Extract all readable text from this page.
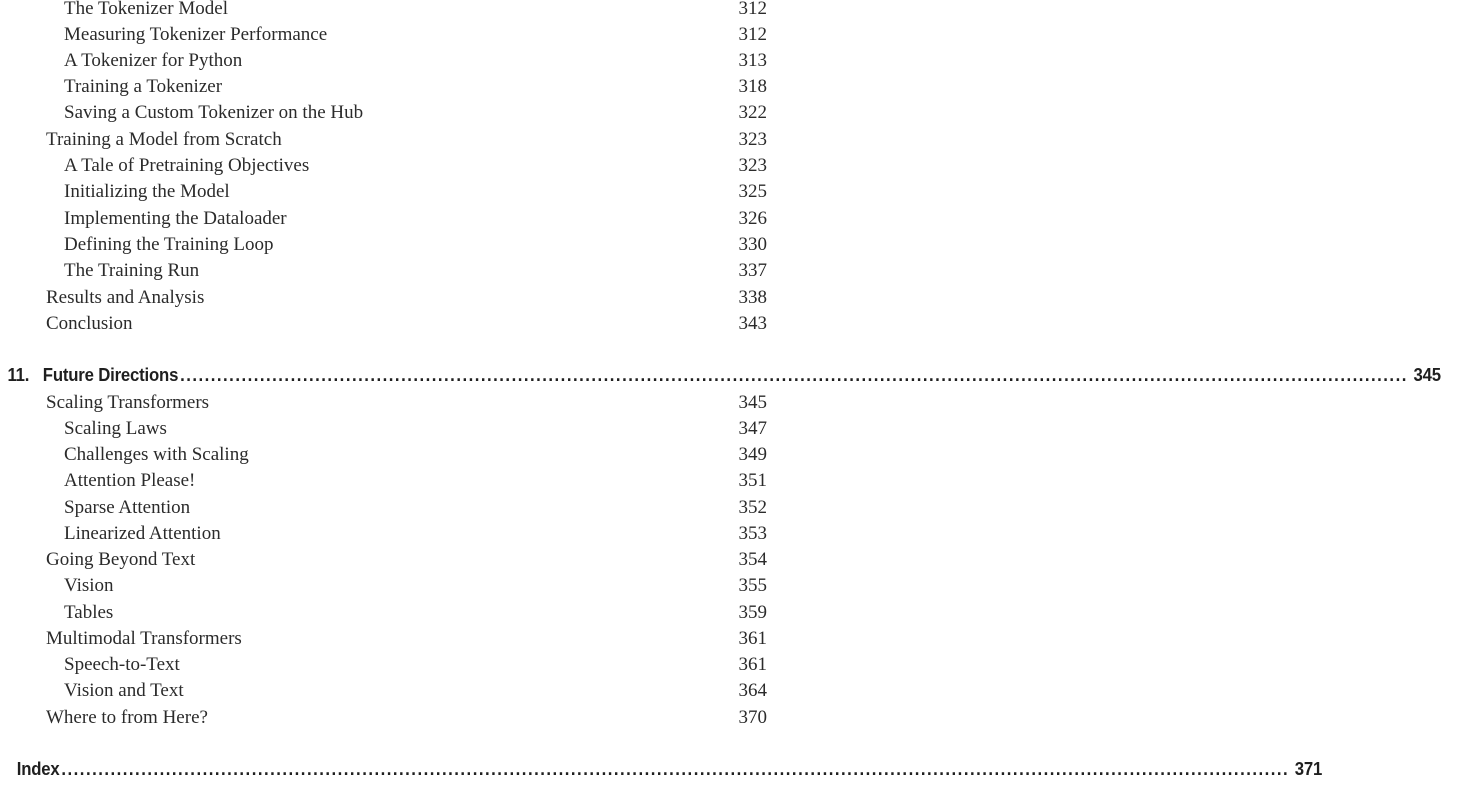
The Tokenizer Model	312
Measuring Tokenizer Performance	312
A Tokenizer for Python	313
Training a Tokenizer	318
Saving a Custom Tokenizer on the Hub	322
Training a Model from Scratch	323
A Tale of Pretraining Objectives	323
Initializing the Model	325
Implementing the Dataloader	326
Defining the Training Loop	330
The Training Run	337
Results and Analysis	338
Conclusion	343
11. Future Directions ........................................................................................................................................................................................................ 345
Scaling Transformers	345
Scaling Laws	347
Challenges with Scaling	349
Attention Please!	351
Sparse Attention	352
Linearized Attention	353
Going Beyond Text	354
Vision	355
Tables	359
Multimodal Transformers	361
Speech-to-Text	361
Vision and Text	364
Where to from Here?	370
Index ........................................................................................................................................................................................................ 371
